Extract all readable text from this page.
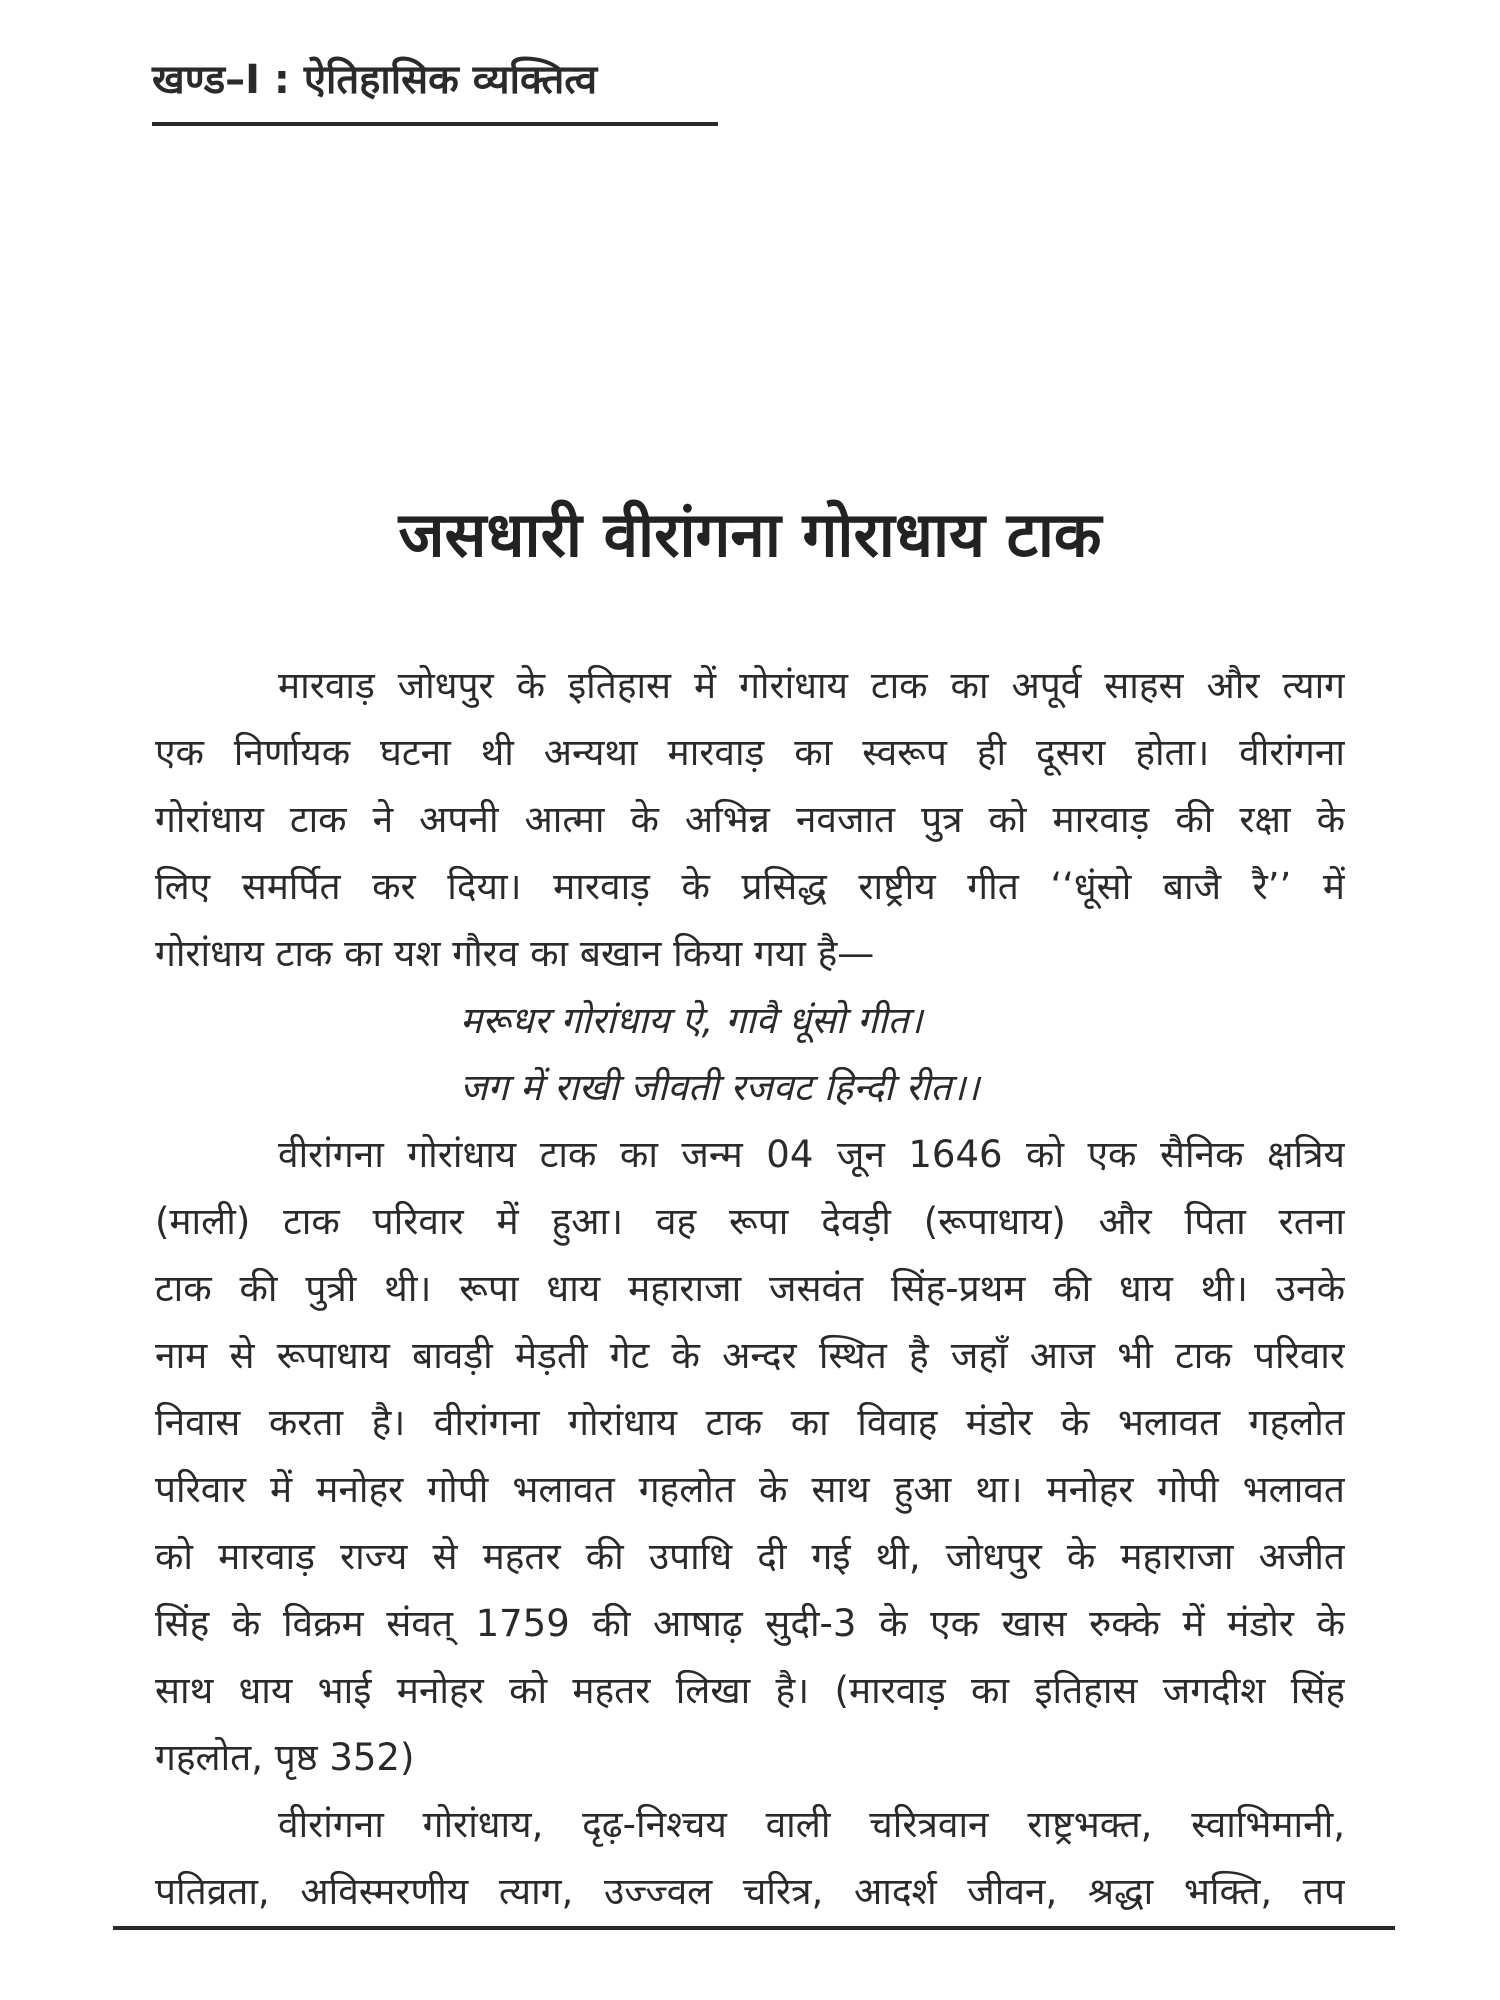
खण्ड–I : ऐतिहासिक व्यक्तित्व
जसधारी वीरांगना गोराधाय टाक
मारवाड़ जोधपुर के इतिहास में गोरांधाय टाक का अपूर्व साहस और त्याग
एक निर्णायक घटना थी अन्यथा मारवाड़ का स्वरूप ही दूसरा होता। वीरांगना
गोरांधाय टाक ने अपनी आत्मा के अभिन्न नवजात पुत्र को मारवाड़ की रक्षा के
लिए समर्पित कर दिया। मारवाड़ के प्रसिद्ध राष्ट्रीय गीत ‘‘धूंसो बाजै रै’’ में
गोरांधाय टाक का यश गौरव का बखान किया गया है—
मरूधर गोरांधाय ऐ, गावै धूंसो गीत।
जग में राखी जीवती रजवट हिन्दी रीत।।
वीरांगना गोरांधाय टाक का जन्म 04 जून 1646 को एक सैनिक क्षत्रिय
(माली) टाक परिवार में हुआ। वह रूपा देवड़ी (रूपाधाय) और पिता रतना
टाक की पुत्री थी। रूपा धाय महाराजा जसवंत सिंह-प्रथम की धाय थी। उनके
नाम से रूपाधाय बावड़ी मेड़ती गेट के अन्दर स्थित है जहाँ आज भी टाक परिवार
निवास करता है। वीरांगना गोरांधाय टाक का विवाह मंडोर के भलावत गहलोत
परिवार में मनोहर गोपी भलावत गहलोत के साथ हुआ था। मनोहर गोपी भलावत
को मारवाड़ राज्य से महतर की उपाधि दी गई थी, जोधपुर के महाराजा अजीत
सिंह के विक्रम संवत् 1759 की आषाढ़ सुदी-3 के एक खास रुक्के में मंडोर के
साथ धाय भाई मनोहर को महतर लिखा है। (मारवाड़ का इतिहास जगदीश सिंह
गहलोत, पृष्ठ 352)
वीरांगना गोरांधाय, दृढ़-निश्चय वाली चरित्रवान राष्ट्रभक्त, स्वाभिमानी,
पतिव्रता, अविस्मरणीय त्याग, उज्ज्वल चरित्र, आदर्श जीवन, श्रद्धा भक्ति, तप
